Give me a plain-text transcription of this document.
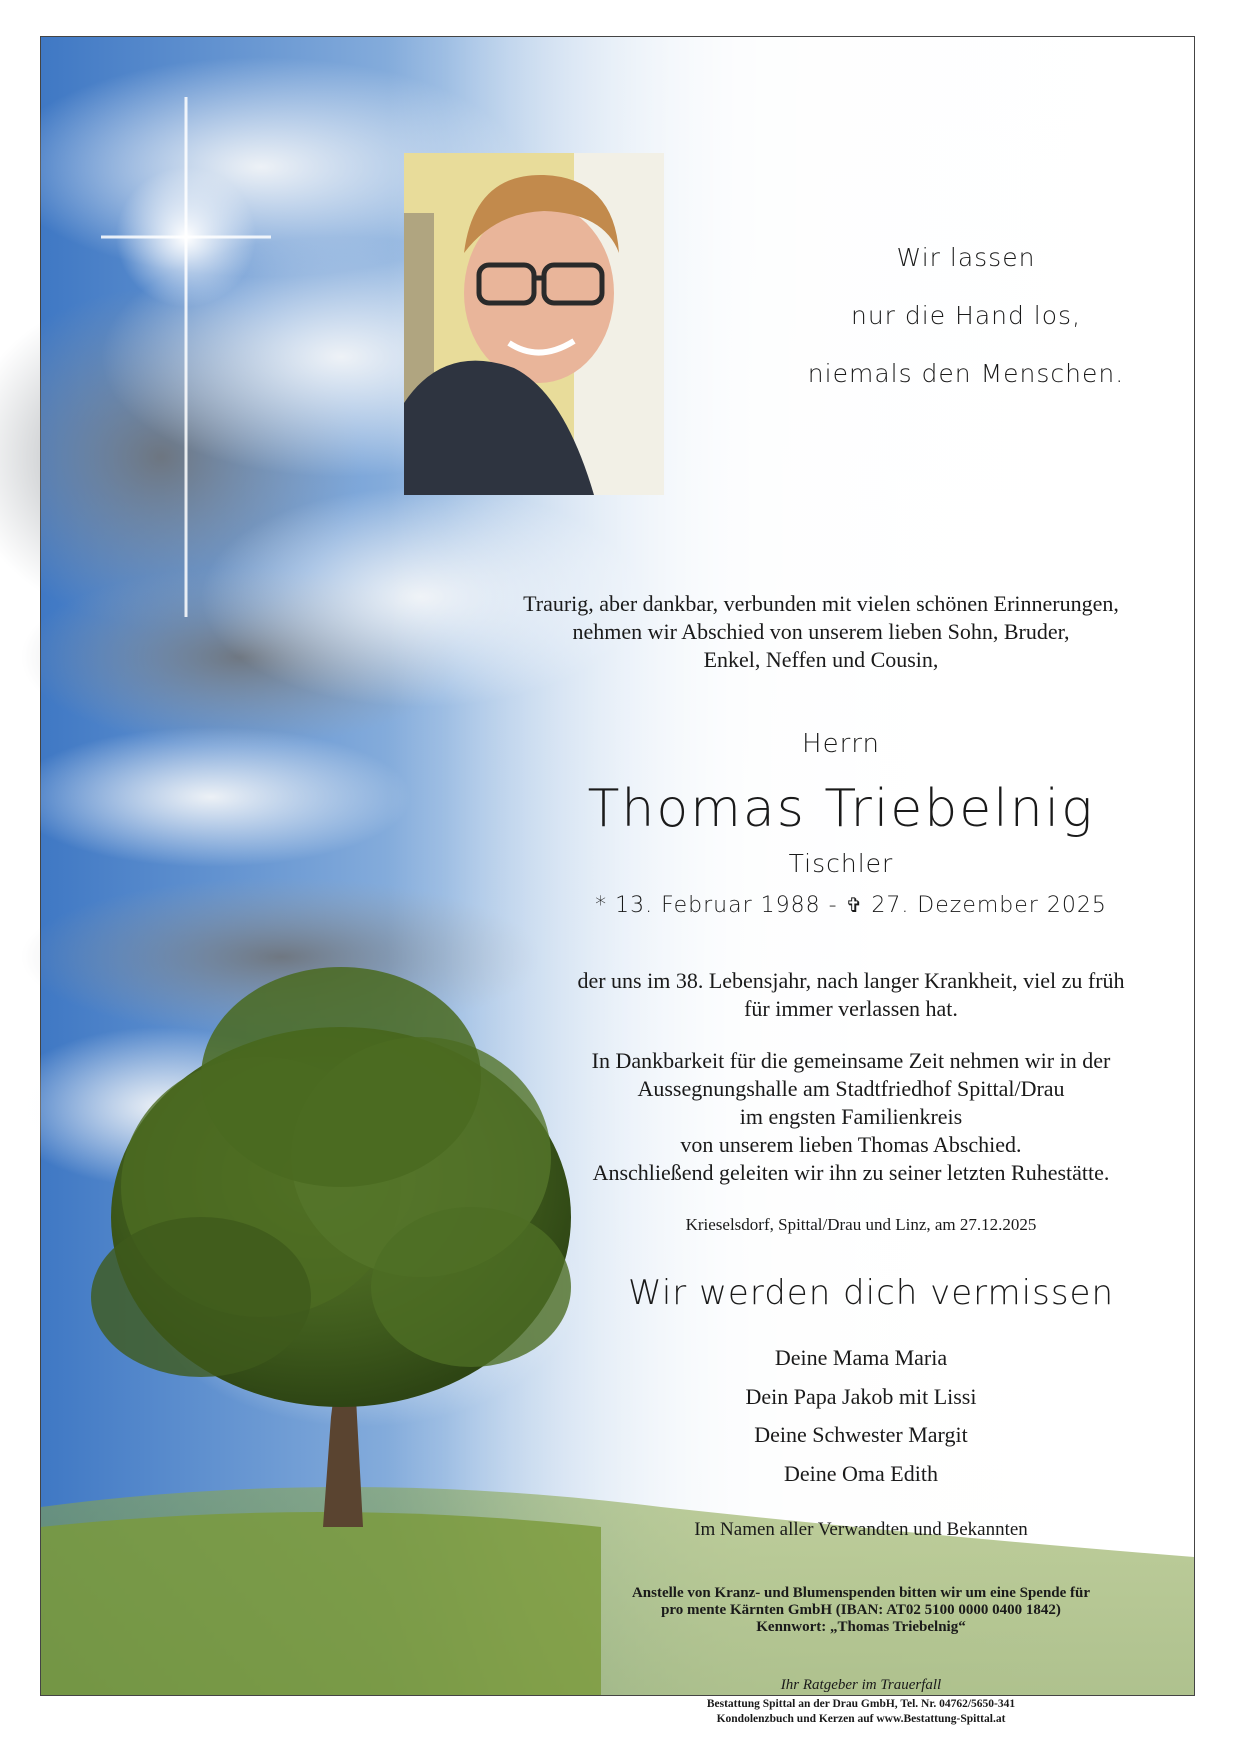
Wir lassen
nur die Hand los,
niemals den Menschen.
Traurig, aber dankbar, verbunden mit vielen schönen Erinnerungen,
nehmen wir Abschied von unserem lieben Sohn, Bruder,
Enkel, Neffen und Cousin,
Herrn
Thomas Triebelnig
Tischler
* 13. Februar 1988 - ✞ 27. Dezember 2025
der uns im 38. Lebensjahr, nach langer Krankheit, viel zu früh
für immer verlassen hat.
In Dankbarkeit für die gemeinsame Zeit nehmen wir in der
Aussegnungshalle am Stadtfriedhof Spittal/Drau
im engsten Familienkreis
von unserem lieben Thomas Abschied.
Anschließend geleiten wir ihn zu seiner letzten Ruhestätte.
Krieselsdorf, Spittal/Drau und Linz, am 27.12.2025
Wir werden dich vermissen
Deine Mama Maria
Dein Papa Jakob mit Lissi
Deine Schwester Margit
Deine Oma Edith
Im Namen aller Verwandten und Bekannten
Anstelle von Kranz- und Blumenspenden bitten wir um eine Spende für
pro mente Kärnten GmbH (IBAN: AT02 5100 0000 0400 1842)
Kennwort: „Thomas Triebelnig“
Ihr Ratgeber im Trauerfall
Bestattung Spittal an der Drau GmbH, Tel. Nr. 04762/5650-341
Kondolenzbuch und Kerzen auf www.Bestattung-Spittal.at
